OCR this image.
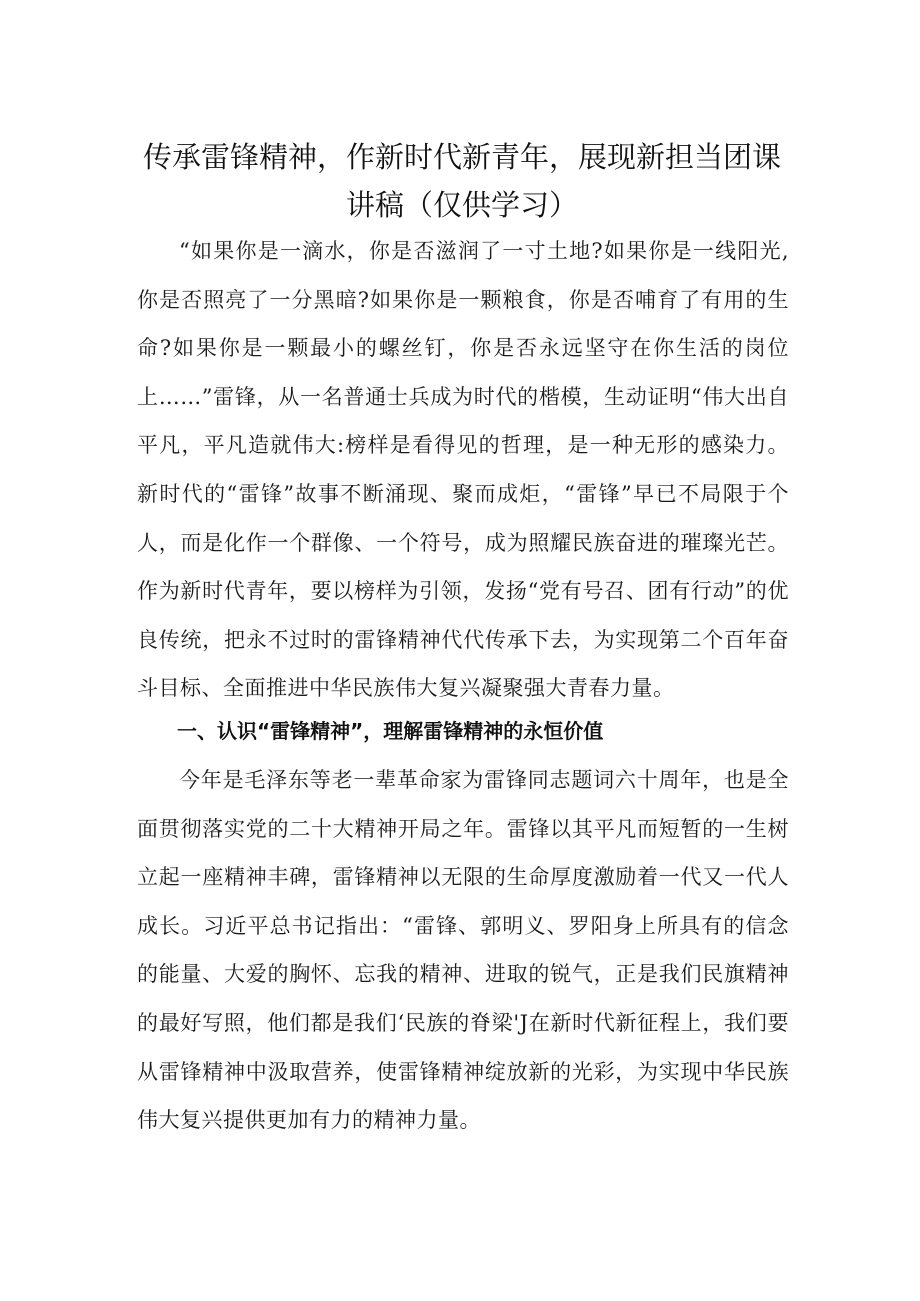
传承雷锋精神，作新时代新青年，展现新担当团课讲稿（仅供学习）

“如果你是一滴水，你是否滋润了一寸土地?如果你是一线阳光,你是否照亮了一分黑暗?如果你是一颗粮食，你是否哺育了有用的生命?如果你是一颗最小的螺丝钉，你是否永远坚守在你生活的岗位上……”雷锋，从一名普通士兵成为时代的楷模，生动证明“伟大出自平凡，平凡造就伟大:榜样是看得见的哲理，是一种无形的感染力。新时代的“雷锋”故事不断涌现、聚而成炬，“雷锋”早已不局限于个人，而是化作一个群像、一个符号，成为照耀民族奋进的璀璨光芒。作为新时代青年，要以榜样为引领，发扬“党有号召、团有行动”的优良传统，把永不过时的雷锋精神代代传承下去，为实现第二个百年奋斗目标、全面推进中华民族伟大复兴凝聚强大青春力量。

一、认识“雷锋精神”，理解雷锋精神的永恒价值

今年是毛泽东等老一辈革命家为雷锋同志题词六十周年，也是全面贯彻落实党的二十大精神开局之年。雷锋以其平凡而短暂的一生树立起一座精神丰碑，雷锋精神以无限的生命厚度激励着一代又一代人成长。习近平总书记指出：“雷锋、郭明义、罗阳身上所具有的信念的能量、大爱的胸怀、忘我的精神、进取的锐气，正是我们民旗精神的最好写照，他们都是我们‘民族的脊梁'J在新时代新征程上，我们要从雷锋精神中汲取营养，使雷锋精神绽放新的光彩，为实现中华民族伟大复兴提供更加有力的精神力量。
